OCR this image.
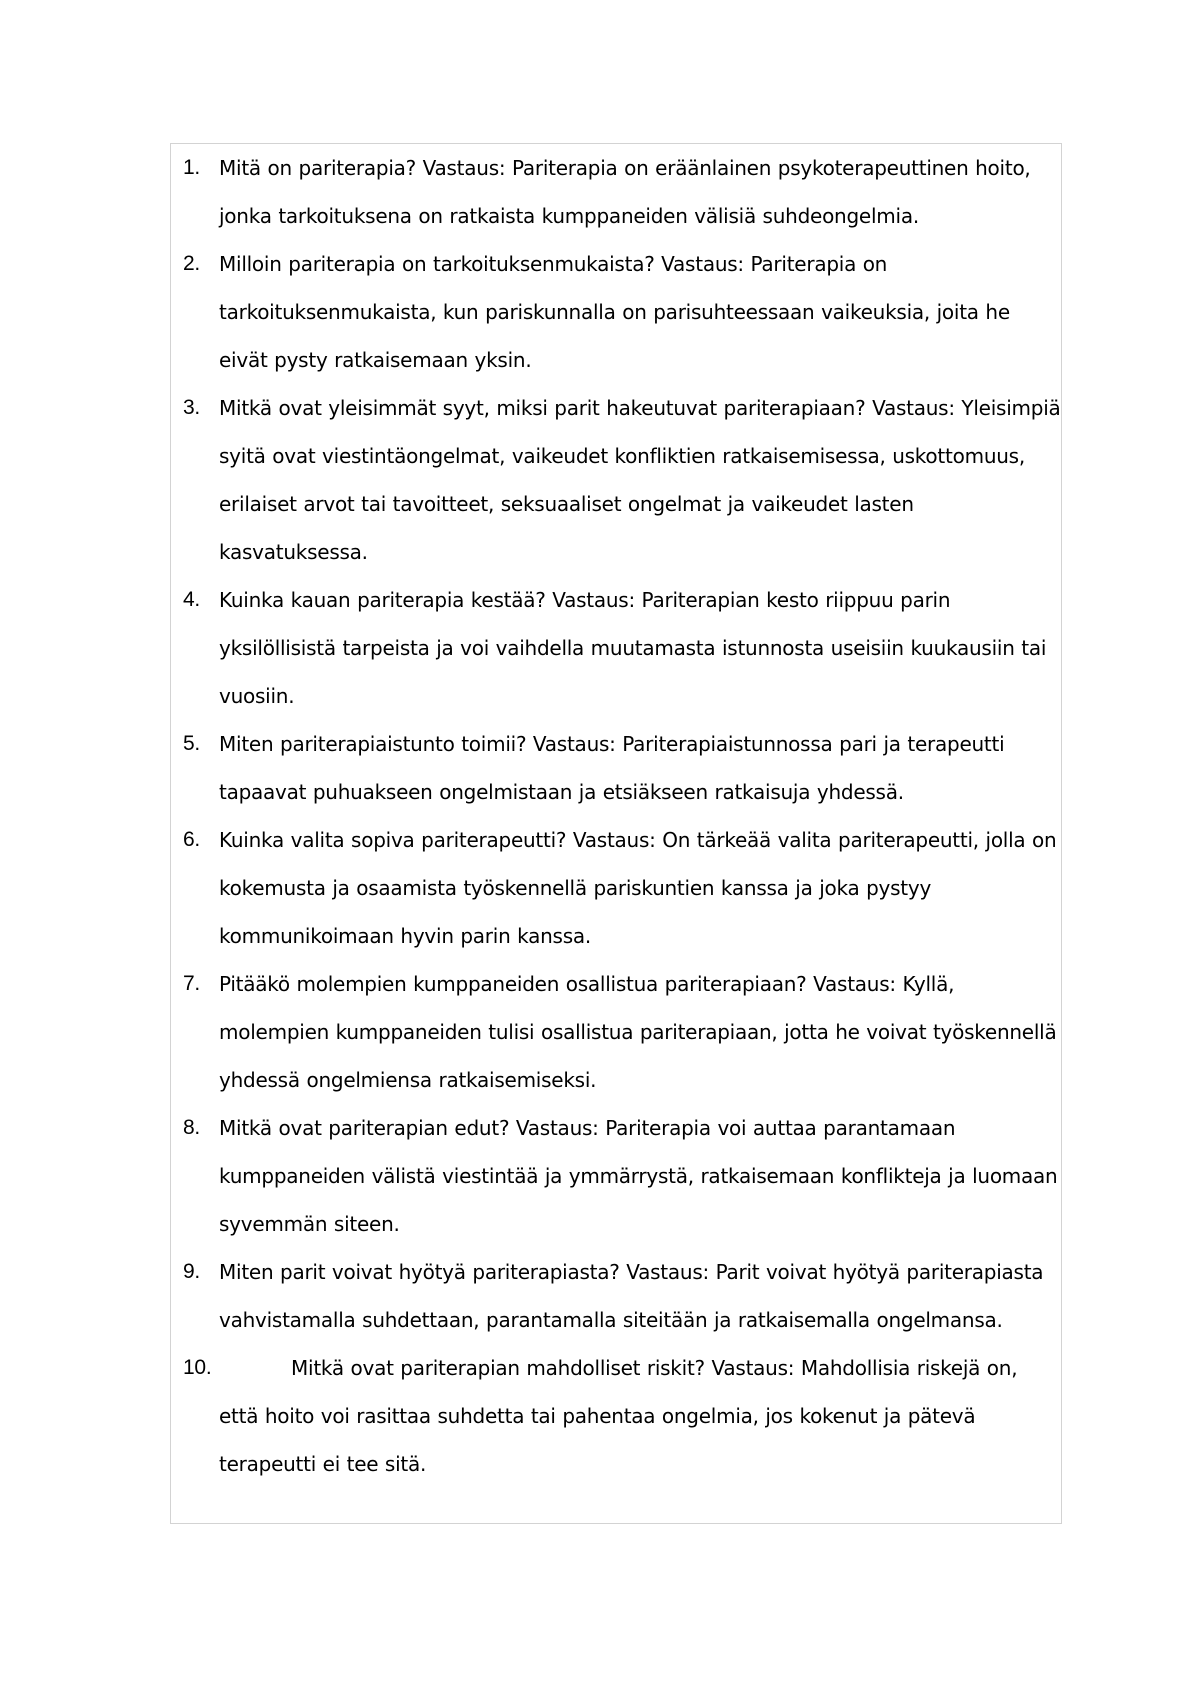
1. Mitä on pariterapia? Vastaus: Pariterapia on eräänlainen psykoterapeuttinen hoito, jonka tarkoituksena on ratkaista kumppaneiden välisiä suhdeongelmia.
2. Milloin pariterapia on tarkoituksenmukaista? Vastaus: Pariterapia on tarkoituksenmukaista, kun pariskunnalla on parisuhteessaan vaikeuksia, joita he eivät pysty ratkaisemaan yksin.
3. Mitkä ovat yleisimmät syyt, miksi parit hakeutuvat pariterapiaan? Vastaus: Yleisimpiä syitä ovat viestintäongelmat, vaikeudet konfliktien ratkaisemisessa, uskottomuus, erilaiset arvot tai tavoitteet, seksuaaliset ongelmat ja vaikeudet lasten kasvatuksessa.
4. Kuinka kauan pariterapia kestää? Vastaus: Pariterapian kesto riippuu parin yksilöllisistä tarpeista ja voi vaihdella muutamasta istunnosta useisiin kuukausiin tai vuosiin.
5. Miten pariterapiaistunto toimii? Vastaus: Pariterapiaistunnossa pari ja terapeutti tapaavat puhuakseen ongelmistaan ja etsiäkseen ratkaisuja yhdessä.
6. Kuinka valita sopiva pariterapeutti? Vastaus: On tärkeää valita pariterapeutti, jolla on kokemusta ja osaamista työskennellä pariskuntien kanssa ja joka pystyy kommunikoimaan hyvin parin kanssa.
7. Pitääkö molempien kumppaneiden osallistua pariterapiaan? Vastaus: Kyllä, molempien kumppaneiden tulisi osallistua pariterapiaan, jotta he voivat työskennellä yhdessä ongelmiensa ratkaisemiseksi.
8. Mitkä ovat pariterapian edut? Vastaus: Pariterapia voi auttaa parantamaan kumppaneiden välistä viestintää ja ymmärrystä, ratkaisemaan konflikteja ja luomaan syvemmän siteen.
9. Miten parit voivat hyötyä pariterapiasta? Vastaus: Parit voivat hyötyä pariterapiasta vahvistamalla suhdettaan, parantamalla siteitään ja ratkaisemalla ongelmansa.
10.	Mitkä ovat pariterapian mahdolliset riskit? Vastaus: Mahdollisia riskejä on, että hoito voi rasittaa suhdetta tai pahentaa ongelmia, jos kokenut ja pätevä terapeutti ei tee sitä.
